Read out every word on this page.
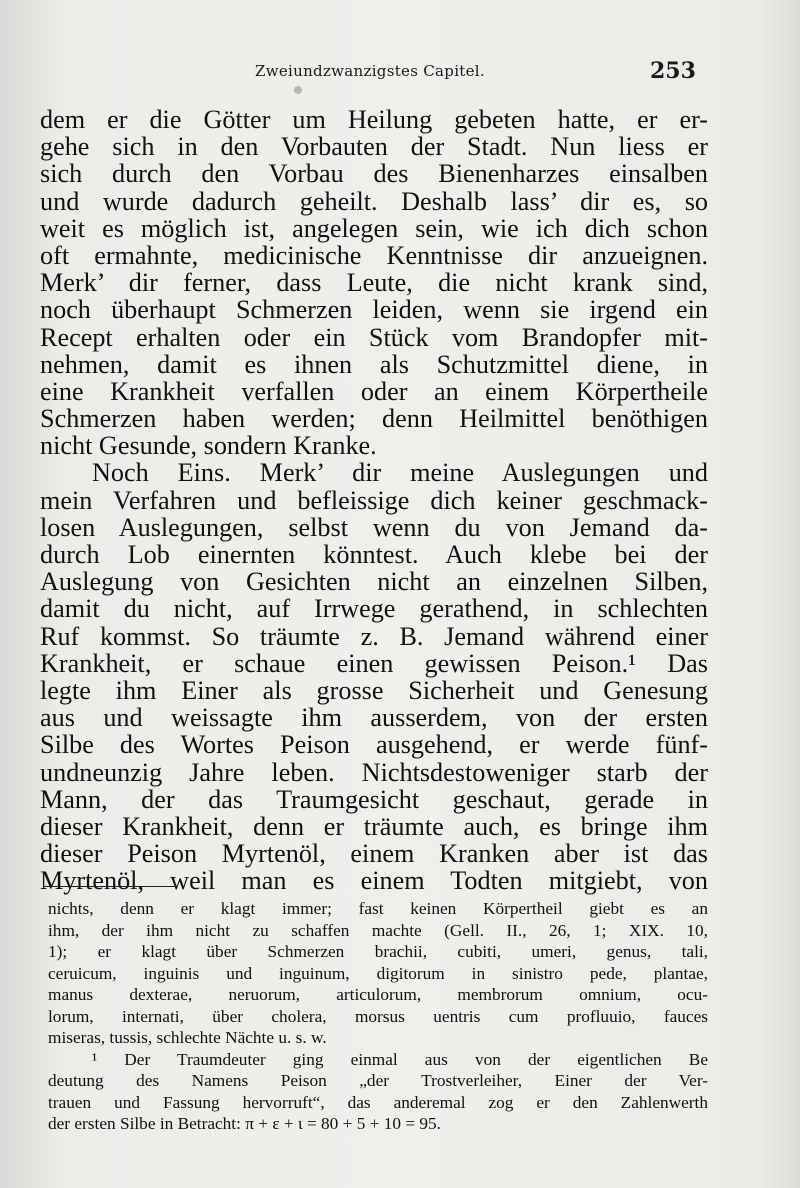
Zweiundzwanzigstes Capitel.	253
dem er die Götter um Heilung gebeten hatte, er er-
gehe sich in den Vorbauten der Stadt. Nun liess er
sich durch den Vorbau des Bienenharzes einsalben
und wurde dadurch geheilt. Deshalb lass’ dir es, so
weit es möglich ist, angelegen sein, wie ich dich schon
oft ermahnte, medicinische Kenntnisse dir anzueignen.
Merk’ dir ferner, dass Leute, die nicht krank sind,
noch überhaupt Schmerzen leiden, wenn sie irgend ein
Recept erhalten oder ein Stück vom Brandopfer mit-
nehmen, damit es ihnen als Schutzmittel diene, in
eine Krankheit verfallen oder an einem Körpertheile
Schmerzen haben werden; denn Heilmittel benöthigen
nicht Gesunde, sondern Kranke.
Noch Eins. Merk’ dir meine Auslegungen und
mein Verfahren und befleissige dich keiner geschmack-
losen Auslegungen, selbst wenn du von Jemand da-
durch Lob einernten könntest. Auch klebe bei der
Auslegung von Gesichten nicht an einzelnen Silben,
damit du nicht, auf Irrwege gerathend, in schlechten
Ruf kommst. So träumte z. B. Jemand während einer
Krankheit, er schaue einen gewissen Peison.¹ Das
legte ihm Einer als grosse Sicherheit und Genesung
aus und weissagte ihm ausserdem, von der ersten
Silbe des Wortes Peison ausgehend, er werde fünf-
undneunzig Jahre leben. Nichtsdestoweniger starb der
Mann, der das Traumgesicht geschaut, gerade in
dieser Krankheit, denn er träumte auch, es bringe ihm
dieser Peison Myrtenöl, einem Kranken aber ist das
Myrtenöl, weil man es einem Todten mitgiebt, von
nichts, denn er klagt immer; fast keinen Körpertheil giebt es an
ihm, der ihm nicht zu schaffen machte (Gell. II., 26, 1; XIX. 10,
1); er klagt über Schmerzen brachii, cubiti, umeri, genus, tali,
ceruicum, inguinis und inguinum, digitorum in sinistro pede, plantae,
manus dexterae, neruorum, articulorum, membrorum omnium, ocu-
lorum, internati, über cholera, morsus uentris cum profluuio, fauces
miseras, tussis, schlechte Nächte u. s. w.
¹ Der Traumdeuter ging einmal aus von der eigentlichen Be
deutung des Namens Peison „der Trostverleiher, Einer der Ver-
trauen und Fassung hervorruft“, das anderemal zog er den Zahlenwerth
der ersten Silbe in Betracht: π + ε + ι = 80 + 5 + 10 = 95.
